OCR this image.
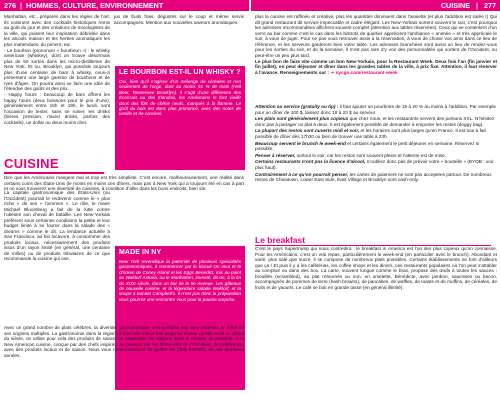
276 | HOMMES, CULTURE, ENVIRONNEMENT	CUISINE | 277

Manhattan, etc., préparés dans les règles de l’art. Ils voisinent avec des cocktails historiques remis au goût du jour et des créations de mixologistes de la ville, qui puisent leur inspiration débridée dans les alcools maison et les herbes aromatiques les plus inattendues, du piment, etc.

- Le bourbon (prononcer « bourbeun ») : le whisky américain (whiskey), dont on trouve désormais plus de 60 sortes dans les micro-distilleries de New York. Et ou, Brooklyn, qui possède toujours plus d’une centaine de bars à whisky, ceux-ci présentent une large gamme de bourbons et de ryes d’âges. On pourra ainsi se faire une idée de l’étendue des goûts et des prix.

- Happy hours : beaucoup de bars offrent les happy hours (deux boissons pour le prix d’une), généralement entre 16h et 19h, le lundi, sont l’occasion de tester, sans se ruiner, les drinks (bières pression, mixed drinks, parfois des cocktails), un dollar ou deux moins cher.

jus de fruits frais, dégustés sur le coup et même servis accompagnés. Mention aux nouvelles saveurs aromatiques.

LE BOURBON EST-IL UN WHISKY ?
Oui, bien qu’il s’agisse d’un mélange de céréales et non seulement de l’orge, dont au moins 51 % de maïs (Hell Beer, Tennessee Brooklyn). Il s’agit d’une différence des Écossais ou des Irlandais, les Américains le font vieillir dans des fûts de chêne neufs, marqués à la flamme. Le goût du bois est donc plus prononcé, avec des notes de vanille et de caramel.
CUISINE
Dire que les Américains mangent mal et trop est très simpliste. C’est encore, malheureusement, une réalité dans certains coins des États-Unis (le moins en moins ces dîners, mais pas à New York qui a toujours été en cas à part et où vous trouverez une diversité de cuisines, à condition d’aller dans les bons endroits, bien sûr.
La capitale gastronomique des États-Unis (ou l’Occident) pourrait le redevenir comme le « plus riche » de ses « hommes ». Le rôle, le maire Michael Bloomberg a fait de la lutte contre l’obésité son cheval de bataille. Les New-Yorkais préfèrent sous certaines conditions la petite et leur budget limité à se fournir dans la salade des « dreams » comme le dit. La tendance actuelle à San Francisco, au bio locavore, à consommer des produits locaux, nécessairement des produits issus d’un rayon limité (en général, une centaine de milles) ou de produits tributaires de ce que recommande la cuisine qui ose.
MADE IN NY
New York revendique la paternité de plusieurs spécialités gastronomiques, à commencer par le biscuit On veut et le chicken de Coney Island et les Eggs Benedict, mis au point au Waldorf Astoria, ou le Manhattan, inventé, dit-on, à la fin du XIXe siècle, dans un bar de la 5e Avenue. Les gâteaux de nouvelle cuisine, et la légendaire salade Waldorf, et la soupe à tomate Campbell’s. Il n’est pas donc la préparation vous pourrez une rencontre vous pour la paume surprise.
Avec un grand nombre de plats célèbres, la diversité gastronomique new-yorkaise est, bien entendu, le reflet de ses origines multiples. La gastronomie dans la région et bien vite mieux loin jusqu’au niveau qu’elle avait au début du siècle, on utilise pour cela des produits de saison en respectant les saisons dans la mesure du possible. À la New American cuisine, conçue par des chefs inspirés, en passant par les États-Unis de l’Occident, de préférence, avec des produits locaux et de saison. Nous vous recommandons de goûter les plats inventés de ces dernières années.

plus la cuisine est raffinée et créative, plus les quantités diminuent dans l’assiette (et plus l’addition est salée !) Qui dit grand restaurant dit service impeccable et cadre élégant. Les New-Yorkais sortent souvent le soir, c’est pourquoi les adresses recommandées affichent souvent complet (attention aux tables réservées). Ceux qui se contentent d’un verre au bar comme c’est le cas dans les bistrots de quartier apprécient l’ambiance « animée » et très appréciée le soir, à vous de juger. Pour ne pas vous retrouver assis à la réservation, à vous de choisir vos amis dans ce lieu de référence, et les serveurs garderont bien votre table. Les adresses branchées sont aussi un lieu de rendez-vous pour les sorties du soir, et de la semaine, il n’est pas rare d’y voir des personnalités qui sortent de l’Occident, ou peut-être un peu plus tard.

Le plus bon de faire vite comme un bon New-Yorkais, pour la Restaurant Week. Deux fois l’an (fin janvier et fin juillet), on peut déjeuner et dîner dans les grandes tables de la ville, à prix fixe. Attention, il faut réserver à l’avance. Renseignements sur : ➜ nycgo.com/restaurant-week

Attention au service (gratuity ou tip) : il faut ajouter un pourboire de 15 à 20 % au moins à l’addition. Par exemple pour un dîner de 100 $, laissez donc 18 à 20 $ au serveur.

Les plats sont généralement plus copieux que chez nous, et les restaurants servent des portions XXL. N’hésitez donc pas à partager un plat à deux. Il est également possible de demander à emporter les restes (doggy bag).

La plupart des restos sont ouverts midi et soir, et les horaires sont plus larges qu’en France. Il est tout à fait possible de dîner dès 17h30 ou bien de trouver une table à 23h.

Beaucoup servent le brunch le week-end et certains également le petit déjeuner en semaine. Réservez si possible.

Penser à réserver, surtout le soir, car les restos sont souvent pleins et l’attente est de mise.

Certains restaurants n’ont pas la licence d’alcool, n’oubliez donc pas de prévoir votre « bouteille » (BYOB : voir plus haut).

Contrairement à ce qu’on pourrait penser, les cartes de paiement ne sont pas acceptées partout. De nombreux restos de Chinatown, Lower East Side, East Village et Brooklyn sont cash-only.

Le breakfast
C’est le pays Supertramp qui nous contredira : le breakfast in America est l’un des plus copieux qu’on connaisse. Pour les Américains, c’est un vrai repas, particulièrement le week-end (en particulier avec le brunch). Abondant et varié, plus salé que sucré, il se compose de nombreux plats possibles. Certains établissements ne font d’ailleurs que ça ! Et puis il y a les cafétérias, les coffee shops et les diners, ces restaurants populaires où l’on peut s’attabler au comptoir ou dans des box. La carte, souvent longue comme le bras, propose des œufs à toutes les sauces : brouillés (scrambled), au plat retournés ou non, en omelette, Bénédicte, avec jambon, saucisses ou bacon, accompagnés de pommes de terre (hash browns), de pancakes, de waffles, de toasts et de muffins, de céréales, de fruits et de yaourts. Le café se boit en grande tasse (en général illimité).
